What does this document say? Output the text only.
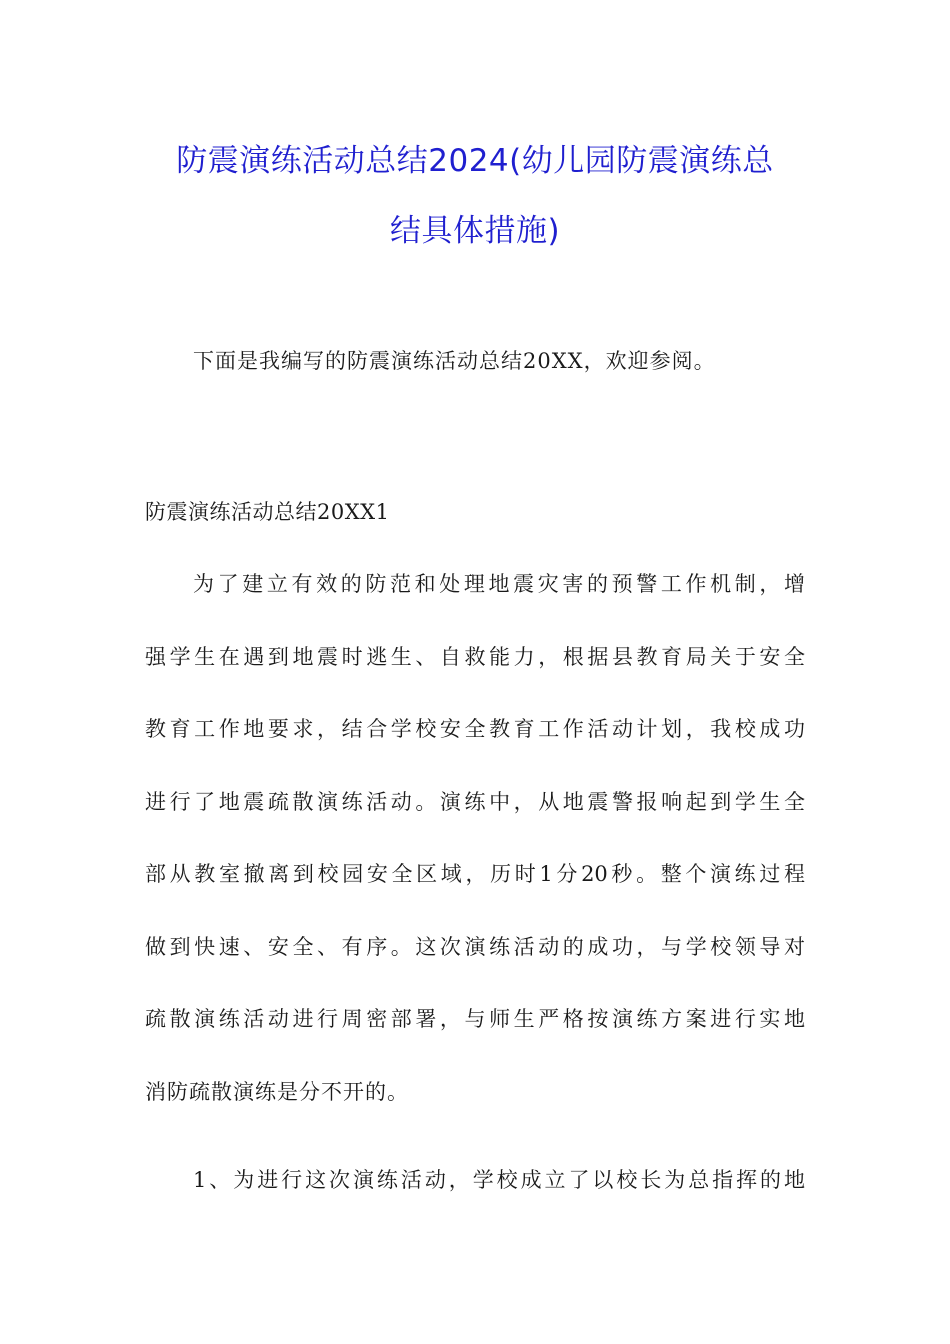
防震演练活动总结2024(幼儿园防震演练总
结具体措施)

下面是我编写的防震演练活动总结20XX，欢迎参阅。

防震演练活动总结20XX1

为了建立有效的防范和处理地震灾害的预警工作机制，增
强学生在遇到地震时逃生、自救能力，根据县教育局关于安全
教育工作地要求，结合学校安全教育工作活动计划，我校成功
进行了地震疏散演练活动。演练中，从地震警报响起到学生全
部从教室撤离到校园安全区域，历时1分20秒。整个演练过程
做到快速、安全、有序。这次演练活动的成功，与学校领导对
疏散演练活动进行周密部署，与师生严格按演练方案进行实地
消防疏散演练是分不开的。
1、为进行这次演练活动，学校成立了以校长为总指挥的地
